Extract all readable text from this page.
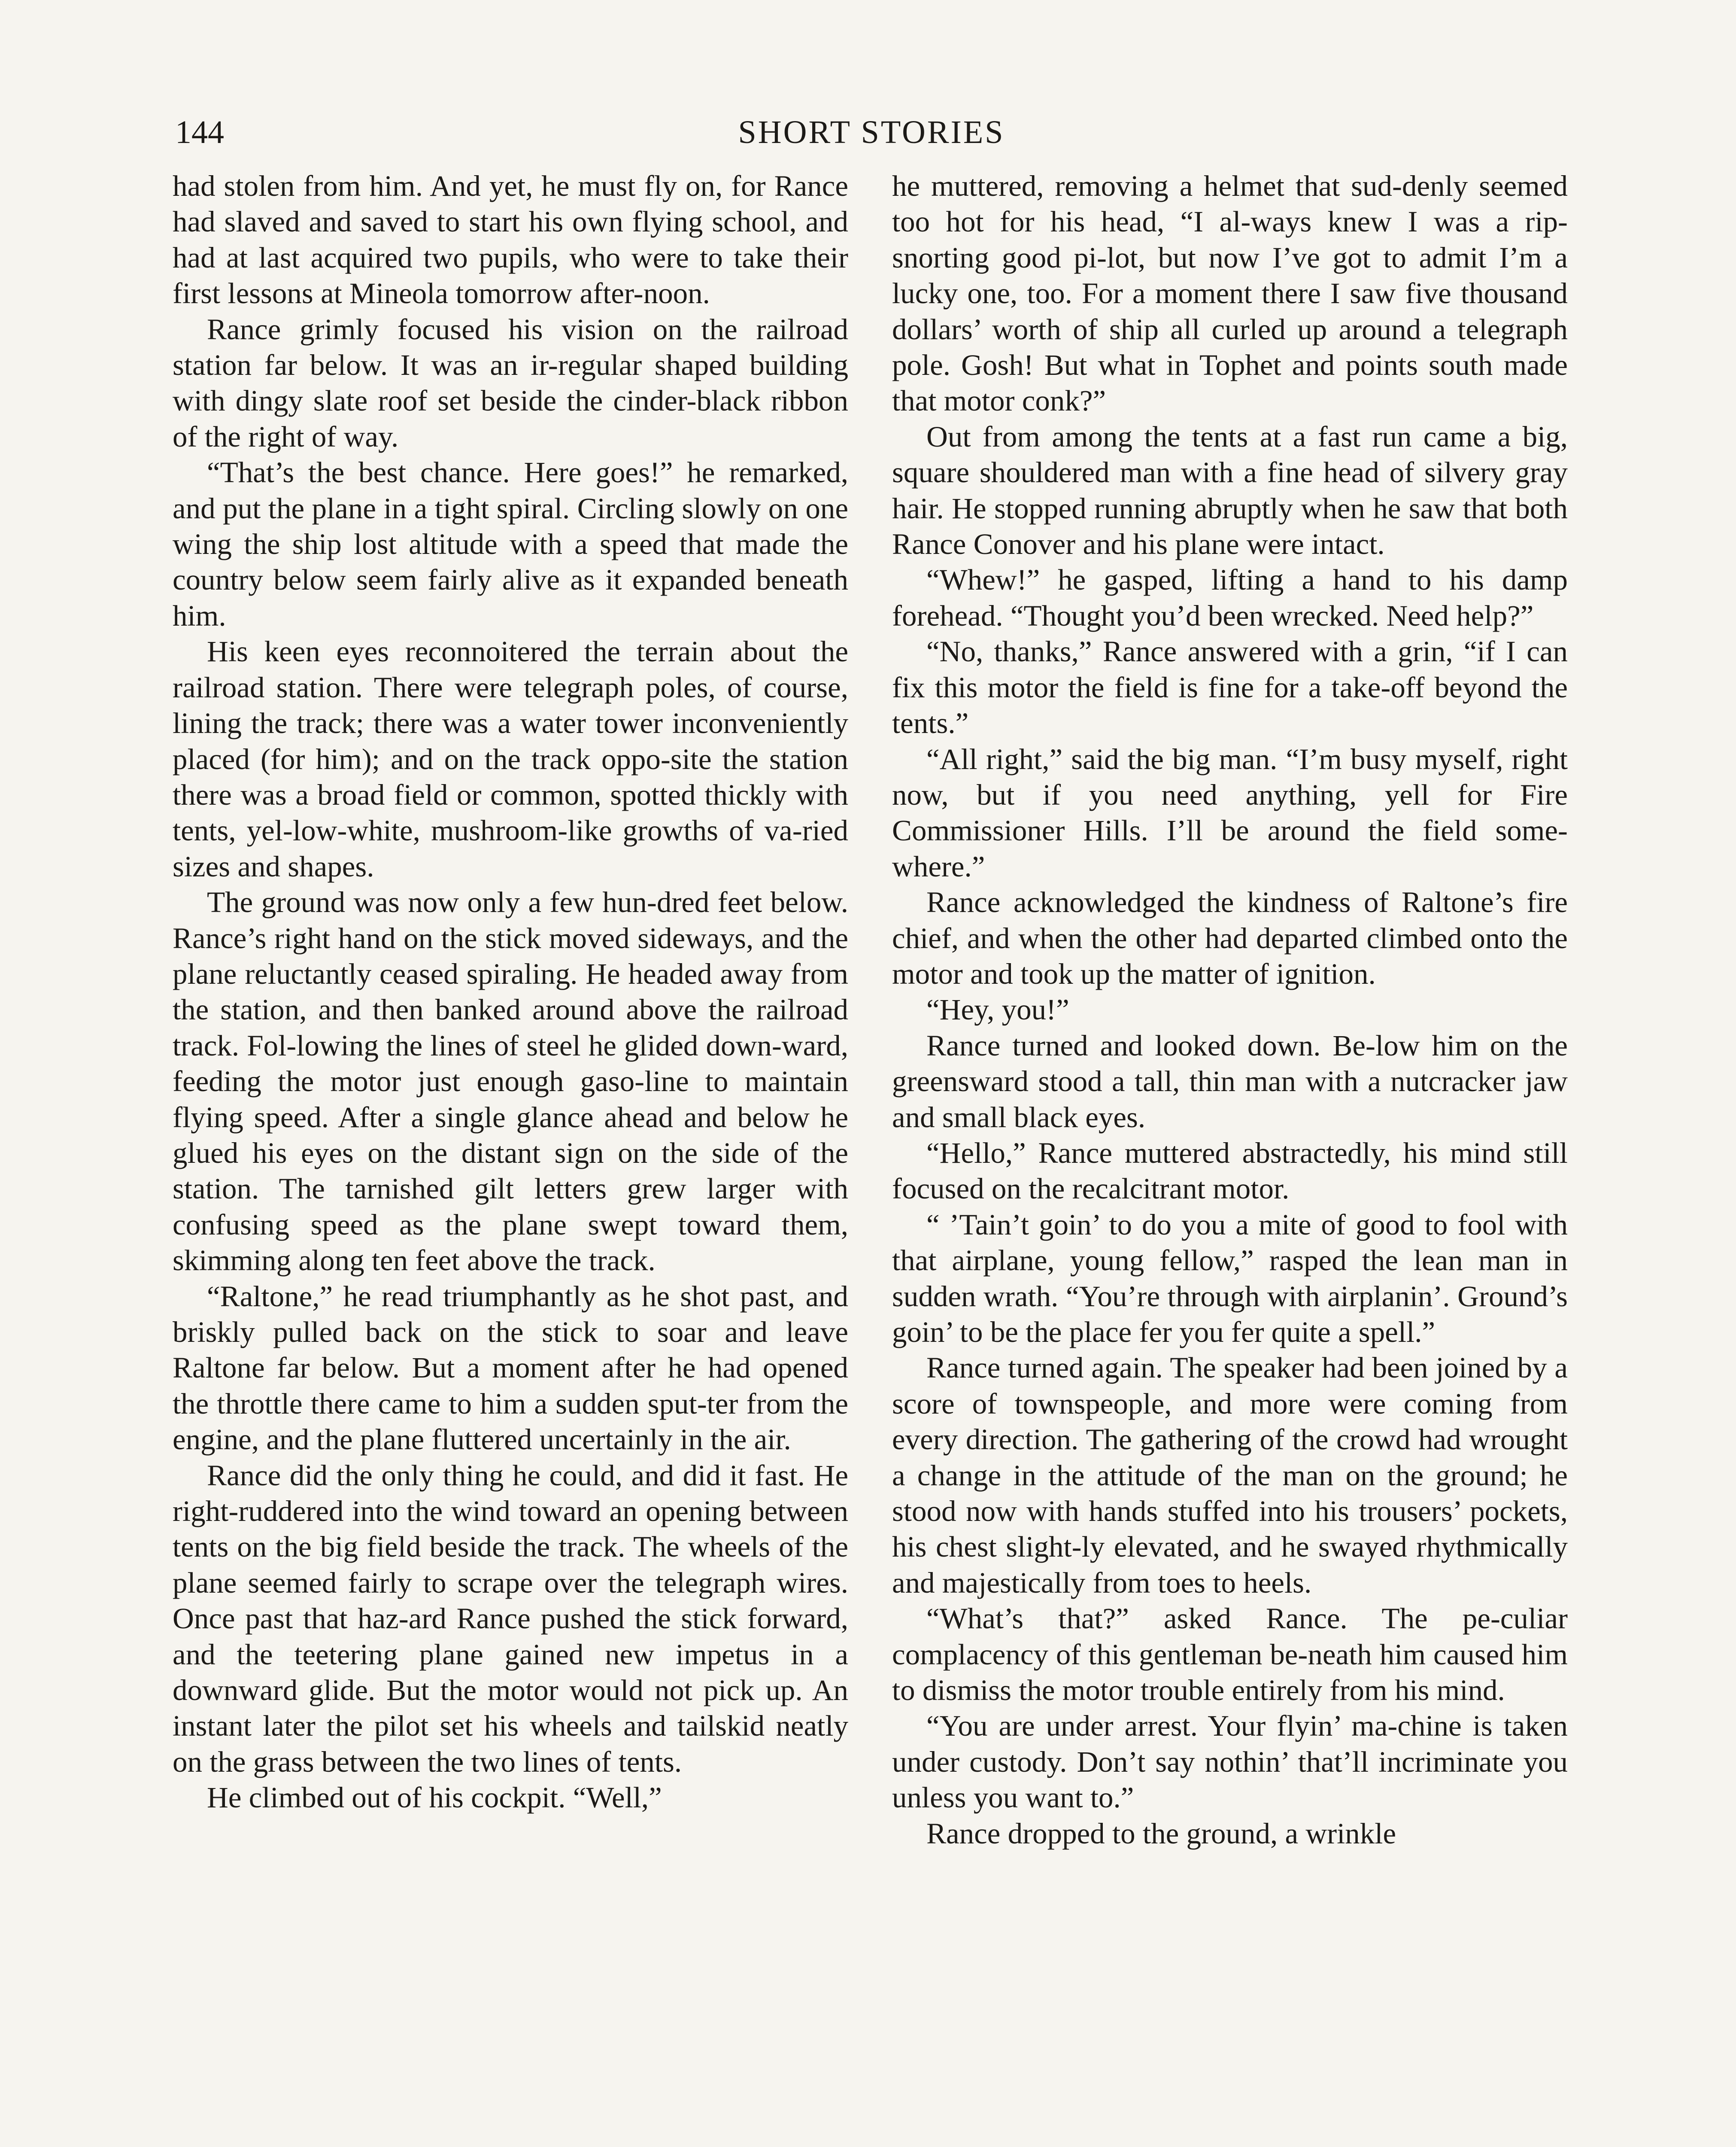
144	SHORT STORIES

had stolen from him. And yet, he must fly on, for Rance had slaved and saved to start his own flying school, and had at last acquired two pupils, who were to take their first lessons at Mineola tomorrow after-noon.

Rance grimly focused his vision on the railroad station far below. It was an ir-regular shaped building with dingy slate roof set beside the cinder-black ribbon of the right of way.

“That’s the best chance. Here goes!” he remarked, and put the plane in a tight spiral. Circling slowly on one wing the ship lost altitude with a speed that made the country below seem fairly alive as it expanded beneath him.

His keen eyes reconnoitered the terrain about the railroad station. There were telegraph poles, of course, lining the track; there was a water tower inconveniently placed (for him); and on the track oppo-site the station there was a broad field or common, spotted thickly with tents, yel-low-white, mushroom-like growths of va-ried sizes and shapes.

The ground was now only a few hun-dred feet below. Rance’s right hand on the stick moved sideways, and the plane reluctantly ceased spiraling. He headed away from the station, and then banked around above the railroad track. Fol-lowing the lines of steel he glided down-ward, feeding the motor just enough gaso-line to maintain flying speed. After a single glance ahead and below he glued his eyes on the distant sign on the side of the station. The tarnished gilt letters grew larger with confusing speed as the plane swept toward them, skimming along ten feet above the track.

“Raltone,” he read triumphantly as he shot past, and briskly pulled back on the stick to soar and leave Raltone far below. But a moment after he had opened the throttle there came to him a sudden sput-ter from the engine, and the plane fluttered uncertainly in the air.

Rance did the only thing he could, and did it fast. He right-ruddered into the wind toward an opening between tents on the big field beside the track. The wheels of the plane seemed fairly to scrape over the telegraph wires. Once past that haz-ard Rance pushed the stick forward, and the teetering plane gained new impetus in a downward glide. But the motor would not pick up. An instant later the pilot set his wheels and tailskid neatly on the grass between the two lines of tents.

He climbed out of his cockpit. “Well,”

he muttered, removing a helmet that sud-denly seemed too hot for his head, “I al-ways knew I was a rip-snorting good pi-lot, but now I’ve got to admit I’m a lucky one, too. For a moment there I saw five thousand dollars’ worth of ship all curled up around a telegraph pole. Gosh! But what in Tophet and points south made that motor conk?”

Out from among the tents at a fast run came a big, square shouldered man with a fine head of silvery gray hair. He stopped running abruptly when he saw that both Rance Conover and his plane were intact.

“Whew!” he gasped, lifting a hand to his damp forehead. “Thought you’d been wrecked. Need help?”

“No, thanks,” Rance answered with a grin, “if I can fix this motor the field is fine for a take-off beyond the tents.”

“All right,” said the big man. “I’m busy myself, right now, but if you need anything, yell for Fire Commissioner Hills. I’ll be around the field some-where.”

Rance acknowledged the kindness of Raltone’s fire chief, and when the other had departed climbed onto the motor and took up the matter of ignition.

“Hey, you!”

Rance turned and looked down. Be-low him on the greensward stood a tall, thin man with a nutcracker jaw and small black eyes.

“Hello,” Rance muttered abstractedly, his mind still focused on the recalcitrant motor.

“ ’Tain’t goin’ to do you a mite of good to fool with that airplane, young fellow,” rasped the lean man in sudden wrath. “You’re through with airplanin’. Ground’s goin’ to be the place fer you fer quite a spell.”

Rance turned again. The speaker had been joined by a score of townspeople, and more were coming from every direction. The gathering of the crowd had wrought a change in the attitude of the man on the ground; he stood now with hands stuffed into his trousers’ pockets, his chest slight-ly elevated, and he swayed rhythmically and majestically from toes to heels.

“What’s that?” asked Rance. The pe-culiar complacency of this gentleman be-neath him caused him to dismiss the motor trouble entirely from his mind.

“You are under arrest. Your flyin’ ma-chine is taken under custody. Don’t say nothin’ that’ll incriminate you unless you want to.”

Rance dropped to the ground, a wrinkle
